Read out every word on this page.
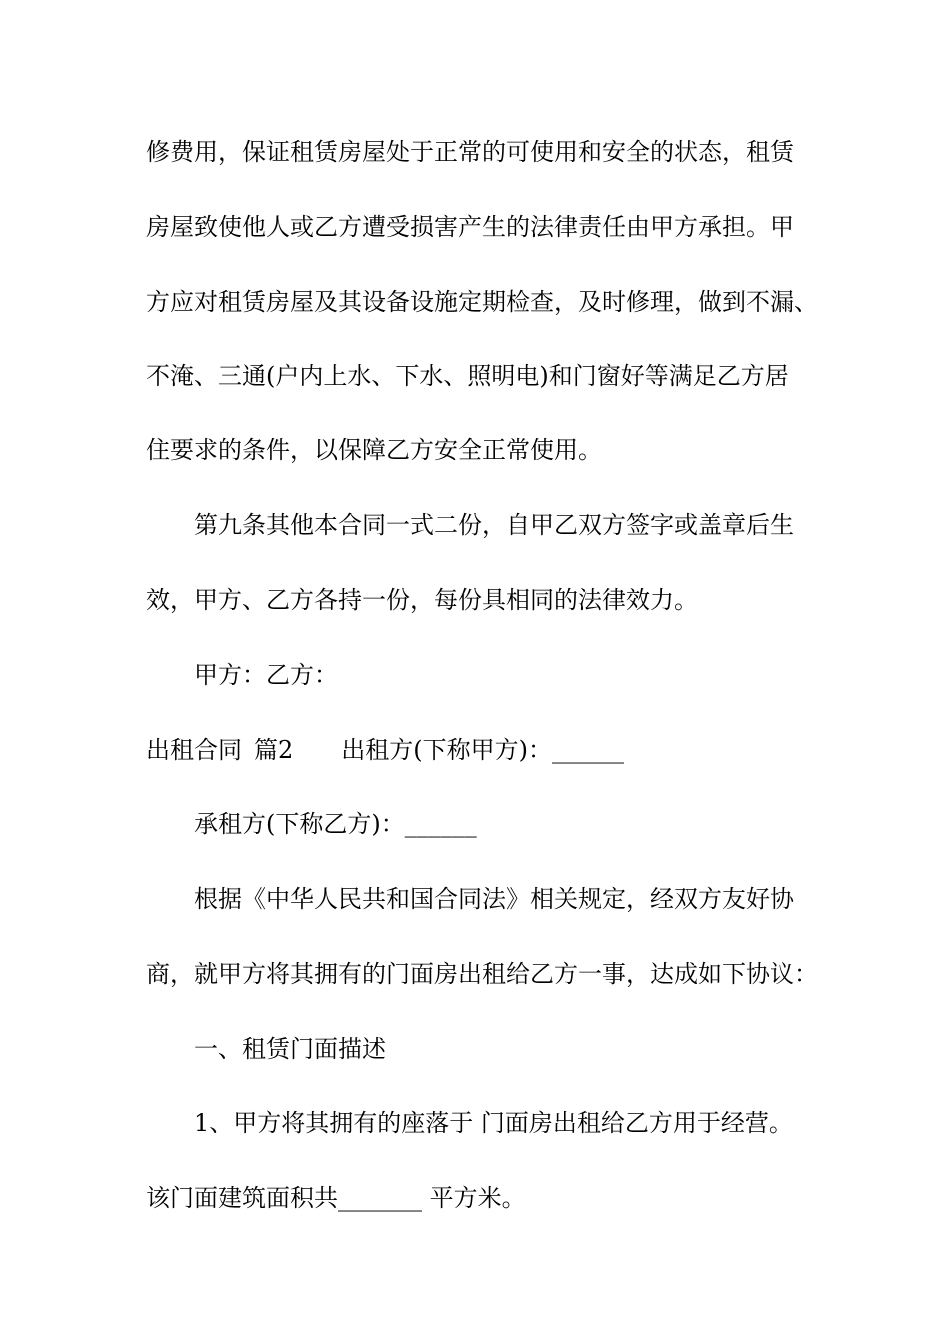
修费用，保证租赁房屋处于正常的可使用和安全的状态，租赁
房屋致使他人或乙方遭受损害产生的法律责任由甲方承担。甲
方应对租赁房屋及其设备设施定期检查，及时修理，做到不漏、
不淹、三通(户内上水、下水、照明电)和门窗好等满足乙方居
住要求的条件，以保障乙方安全正常使用。
第九条其他本合同一式二份，自甲乙双方签字或盖章后生
效，甲方、乙方各持一份，每份具相同的法律效力。
甲方：乙方：
出租合同 篇2 出租方(下称甲方)：______
承租方(下称乙方)：______
根据《中华人民共和国合同法》相关规定，经双方友好协
商，就甲方将其拥有的门面房出租给乙方一事，达成如下协议：
一、租赁门面描述
1、甲方将其拥有的座落于 门面房出租给乙方用于经营。
该门面建筑面积共_______ 平方米。
